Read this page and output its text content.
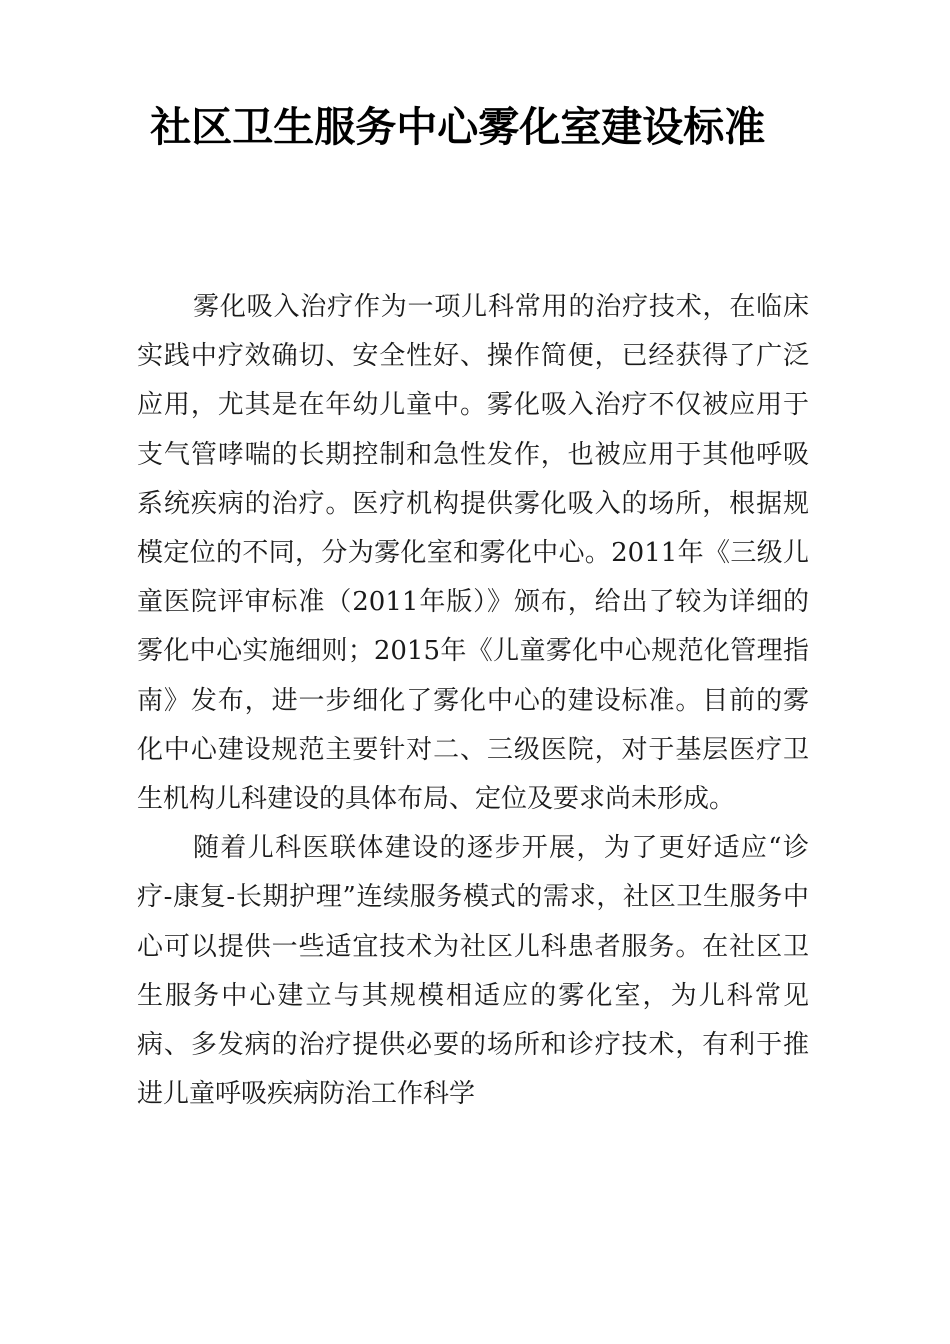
社区卫生服务中心雾化室建设标准

雾化吸入治疗作为一项儿科常用的治疗技术，在临床实践中疗效确切、安全性好、操作简便，已经获得了广泛应用，尤其是在年幼儿童中。雾化吸入治疗不仅被应用于支气管哮喘的长期控制和急性发作，也被应用于其他呼吸系统疾病的治疗。医疗机构提供雾化吸入的场所，根据规模定位的不同，分为雾化室和雾化中心。2011年《三级儿童医院评审标准（2011年版）》颁布，给出了较为详细的雾化中心实施细则；2015年《儿童雾化中心规范化管理指南》发布，进一步细化了雾化中心的建设标准。目前的雾化中心建设规范主要针对二、三级医院，对于基层医疗卫生机构儿科建设的具体布局、定位及要求尚未形成。

随着儿科医联体建设的逐步开展，为了更好适应“诊疗-康复-长期护理”连续服务模式的需求，社区卫生服务中心可以提供一些适宜技术为社区儿科患者服务。在社区卫生服务中心建立与其规模相适应的雾化室，为儿科常见病、多发病的治疗提供必要的场所和诊疗技术，有利于推进儿童呼吸疾病防治工作科学
